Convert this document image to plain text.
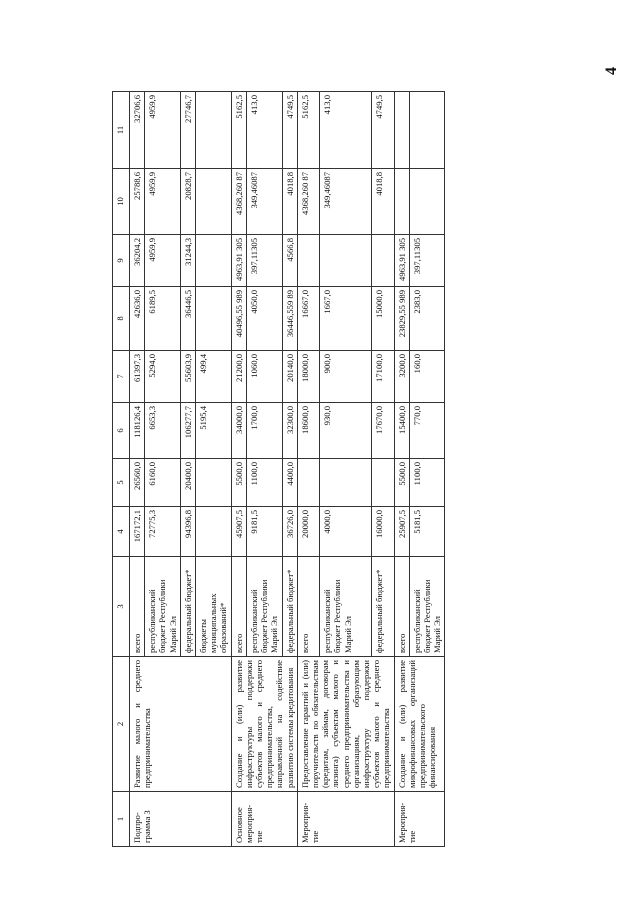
4
1	2	3	4	5	6	7	8	9	10	11
Подпро-грамма 3	Развитие малого и среднего предпринимательства	всего	167172,1	26560,0	118126,4	61397,3	42636,0	36204,2	25788,6	32706,6
		республиканский бюджет Республики Марий Эл	72775,3	6160,0	6653,3	5294,0	6189,5	4959,9	4959,9	4959,9
		федеральный бюджет*	94396,8	20400,0	106277,7	55603,9	36446,5	31244,3	20828,7	27746,7
		бюджеты муниципальных образований*			5195,4	499,4				
Основное мероприя-тие	Создание и (или) развитие инфраструктуры поддержки субъектов малого и среднего предпринимательства, направленной на содействие развитию системы кредитования	всего	45907,5	5500,0	34000,0	21200,0	40496,55 989	4963,91 305	4368,260 87	5162,5
		республиканский бюджет Республики Марий Эл	9181,5	1100,0	1700,0	1060,0	4050,0	397,11305	349,46087	413,0
		федеральный бюджет*	36726,0	4400,0	32300,0	20140,0	36446,559 89	4566,8	4018,8	4749,5
Мероприя-тие	Предоставление гарантий и (или) поручительств по обязательствам (кредитам, займам, договорам лизинга) субъектам малого и среднего предпринимательства и организациям, образующим инфраструктуру поддержки субъектов малого и среднего предпринимательства	всего	20000,0		18600,0	18000,0	16667,0		4368,260 87	5162,5
		республиканский бюджет Республики Марий Эл	4000,0		930,0	900,0	1667,0		349,46087	413,0
		федеральный бюджет*	16000,0		17670,0	17100,0	15000,0		4018,8	4749,5
Мероприя-тие	Создание и (или) развитие микрофинансовых организаций предпринимательского финансирования	всего	25907,5	5500,0	15400,0	3200,0	23829,55 989	4963,91 305		
		республиканский бюджет Республики Марий Эл	5181,5	1100,0	770,0	160,0	2383,0	397,11305		
